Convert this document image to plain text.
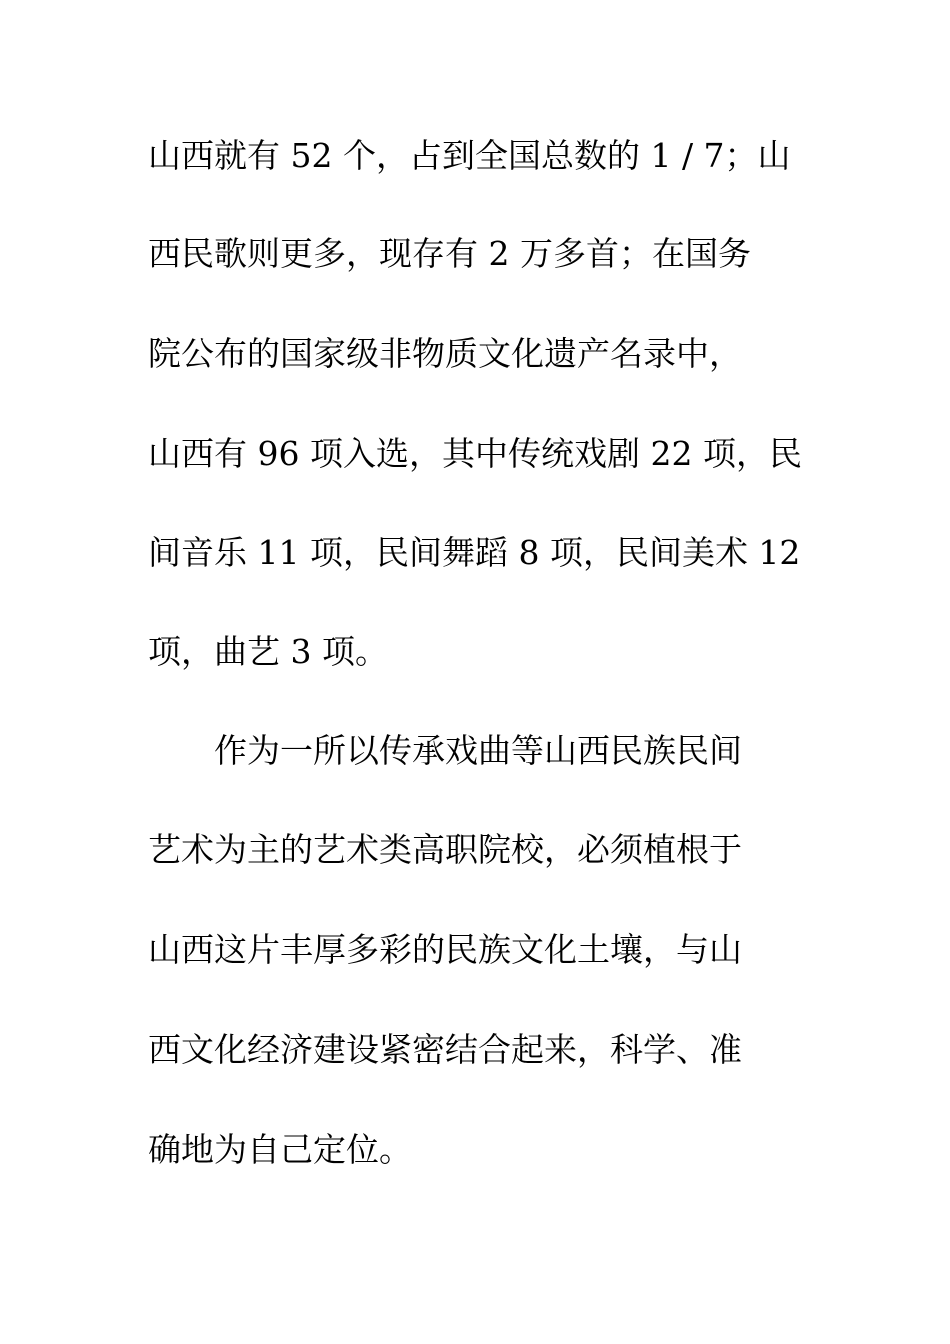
山西就有 52 个，占到全国总数的 1 / 7；山
西民歌则更多，现存有 2 万多首；在国务
院公布的国家级非物质文化遗产名录中，
山西有 96 项入选，其中传统戏剧 22 项，民
间音乐 11 项，民间舞蹈 8 项，民间美术 12
项，曲艺 3 项。
作为一所以传承戏曲等山西民族民间
艺术为主的艺术类高职院校，必须植根于
山西这片丰厚多彩的民族文化土壤，与山
西文化经济建设紧密结合起来，科学、准
确地为自己定位。
